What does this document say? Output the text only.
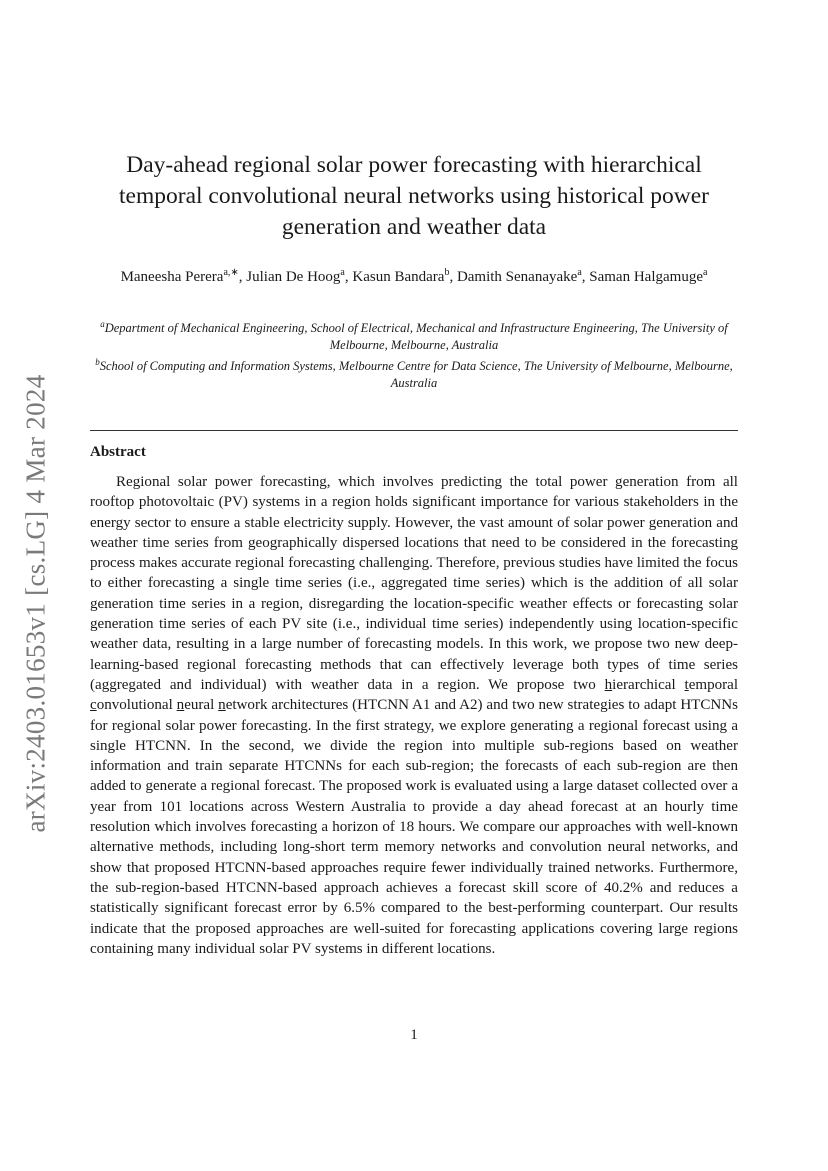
arXiv:2403.01653v1 [cs.LG] 4 Mar 2024
Day-ahead regional solar power forecasting with hierarchical temporal convolutional neural networks using historical power generation and weather data
Maneesha Perera$^{a,∗}$, Julian De Hoog$^a$, Kasun Bandara$^b$, Damith Senanayake$^a$, Saman Halgamuge$^a$
$^a$Department of Mechanical Engineering, School of Electrical, Mechanical and Infrastructure Engineering, The University of Melbourne, Melbourne, Australia
$^b$School of Computing and Information Systems, Melbourne Centre for Data Science, The University of Melbourne, Melbourne, Australia
Abstract

Regional solar power forecasting, which involves predicting the total power generation from all rooftop photovoltaic (PV) systems in a region holds significant importance for various stakeholders in the energy sector to ensure a stable electricity supply. However, the vast amount of solar power generation and weather time series from geographically dispersed locations that need to be considered in the forecasting process makes accurate regional forecasting challenging. Therefore, previous studies have limited the focus to either forecasting a single time series (i.e., aggregated time series) which is the addition of all solar generation time series in a region, disregarding the location-specific weather effects or forecasting solar generation time series of each PV site (i.e., individual time series) independently using location-specific weather data, resulting in a large number of forecasting models. In this work, we propose two new deep-learning-based regional forecasting methods that can effectively leverage both types of time series (aggregated and individual) with weather data in a region. We propose two hierarchical temporal convolutional neural network architectures (HTCNN A1 and A2) and two new strategies to adapt HTCNNs for regional solar power forecasting. In the first strategy, we explore generating a regional forecast using a single HTCNN. In the second, we divide the region into multiple sub-regions based on weather information and train separate HTCNNs for each sub-region; the forecasts of each sub-region are then added to generate a regional forecast. The proposed work is evaluated using a large dataset collected over a year from 101 locations across Western Australia to provide a day ahead forecast at an hourly time resolution which involves forecasting a horizon of 18 hours. We compare our approaches with well-known alternative methods, including long-short term memory networks and convolution neural networks, and show that proposed HTCNN-based approaches require fewer individually trained networks. Furthermore, the sub-region-based HTCNN-based approach achieves a forecast skill score of 40.2% and reduces a statistically significant forecast error by 6.5% compared to the best-performing counterpart. Our results indicate that the proposed approaches are well-suited for forecasting applications covering large regions containing many individual solar PV systems in different locations.

1
